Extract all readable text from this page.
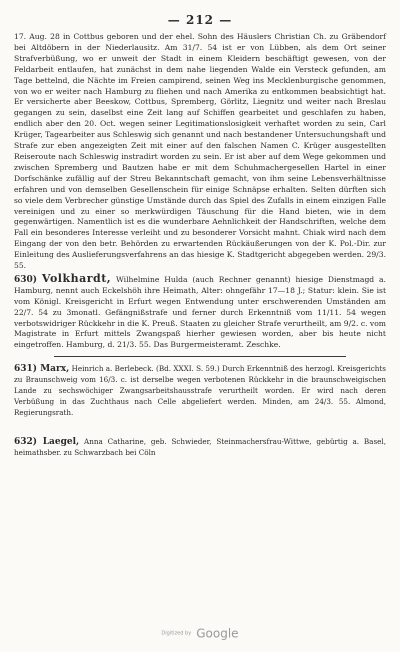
— 212 —

17. Aug. 28 in Cottbus geboren und der ehel. Sohn des Häuslers Christian Ch. zu Gräbendorf bei Altdöbern in der Niederlausitz. Am 31/7. 54 ist er von Lübben, als dem Ort seiner Strafverbüßung, wo er unweit der Stadt in einem Kleidern beschäftigt gewesen, von der Feldarbeit entlaufen, hat zunächst in dem nahe liegenden Walde ein Versteck gefunden, am Tage bettelnd, die Nächte im Freien campirend, seinen Weg ins Mecklenburgische genommen, von wo er weiter nach Hamburg zu fliehen und nach Amerika zu entkommen beabsichtigt hat. Er versicherte aber Beeskow, Cottbus, Spremberg, Görlitz, Liegnitz und weiter nach Breslau gegangen zu sein, daselbst eine Zeit lang auf Schiffen gearbeitet und geschlafen zu haben, endlich aber den 20. Oct. wegen seiner Legitimationslosigkeit verhaftet worden zu sein, Carl Krüger, Tagearbeiter aus Schleswig sich genannt und nach bestandener Untersuchungshaft und Strafe zur eben angezeigten Zeit mit einer auf den falschen Namen C. Krüger ausgestellten Reiseroute nach Schleswig instradirt worden zu sein. Er ist aber auf dem Wege gekommen und zwischen Spremberg und Bautzen habe er mit dem Schuhmachergesellen Hartel in einer Dorfschänke zufällig auf der Streu Bekanntschaft gemacht, von ihm seine Lebensverhältnisse erfahren und von demselben Gesellenschein für einige Schnäpse erhalten. Selten dürften sich so viele dem Verbrecher günstige Umstände durch das Spiel des Zufalls in einem einzigen Falle vereinigen und zu einer so merkwürdigen Täuschung für die Hand bieten, wie in dem gegenwärtigen. Namentlich ist es die wunderbare Aehnlichkeit der Handschriften, welche dem Fall ein besonderes Interesse verleiht und zu besonderer Vorsicht mahnt. Chiak wird nach dem Eingang der von den betr. Behörden zu erwartenden Rückäußerungen von der K. Pol.-Dir. zur Einleitung des Auslieferungsverfahrens an das hiesige K. Stadtgericht abgegeben werden. 29/3. 55.

630) Volkhardt, Wilhelmine Hulda (auch Rechner genannt) hiesige Dienstmagd a. Hamburg, nennt auch Eckelshöh ihre Heimath, Alter: ohngefähr 17—18 J.; Statur: klein. Sie ist vom Königl. Kreisgericht in Erfurt wegen Entwendung unter erschwerenden Umständen am 22/7. 54 zu 3monatl. Gefängnißstrafe und ferner durch Erkenntniß vom 11/11. 54 wegen verbotswidriger Rückkehr in die K. Preuß. Staaten zu gleicher Strafe verurtheilt, am 9/2. c. vom Magistrate in Erfurt mittels Zwangspaß hierher gewiesen worden, aber bis heute nicht eingetroffen. Hamburg, d. 21/3. 55. Das Burgermeisteramt. Zeschke.

631) Marx, Heinrich a. Berlebeck. (Bd. XXXI. S. 59.) Durch Erkenntniß des herzogl. Kreisgerichts zu Braunschweig vom 16/3. c. ist derselbe wegen verbotenen Rückkehr in die braunschweigischen Lande zu sechswöchiger Zwangsarbeitshausstrafe verurtheilt worden. Er wird nach deren Verbüßung in das Zuchthaus nach Celle abgeliefert werden. Minden, am 24/3. 55. Almond, Regierungsrath.

632) Laegel, Anna Catharine, geb. Schwieder, Steinmachersfrau-Wittwe, gebürtig a. Basel, heimathsber. zu Schwarzbach bei Cöln

Digitized by Google
